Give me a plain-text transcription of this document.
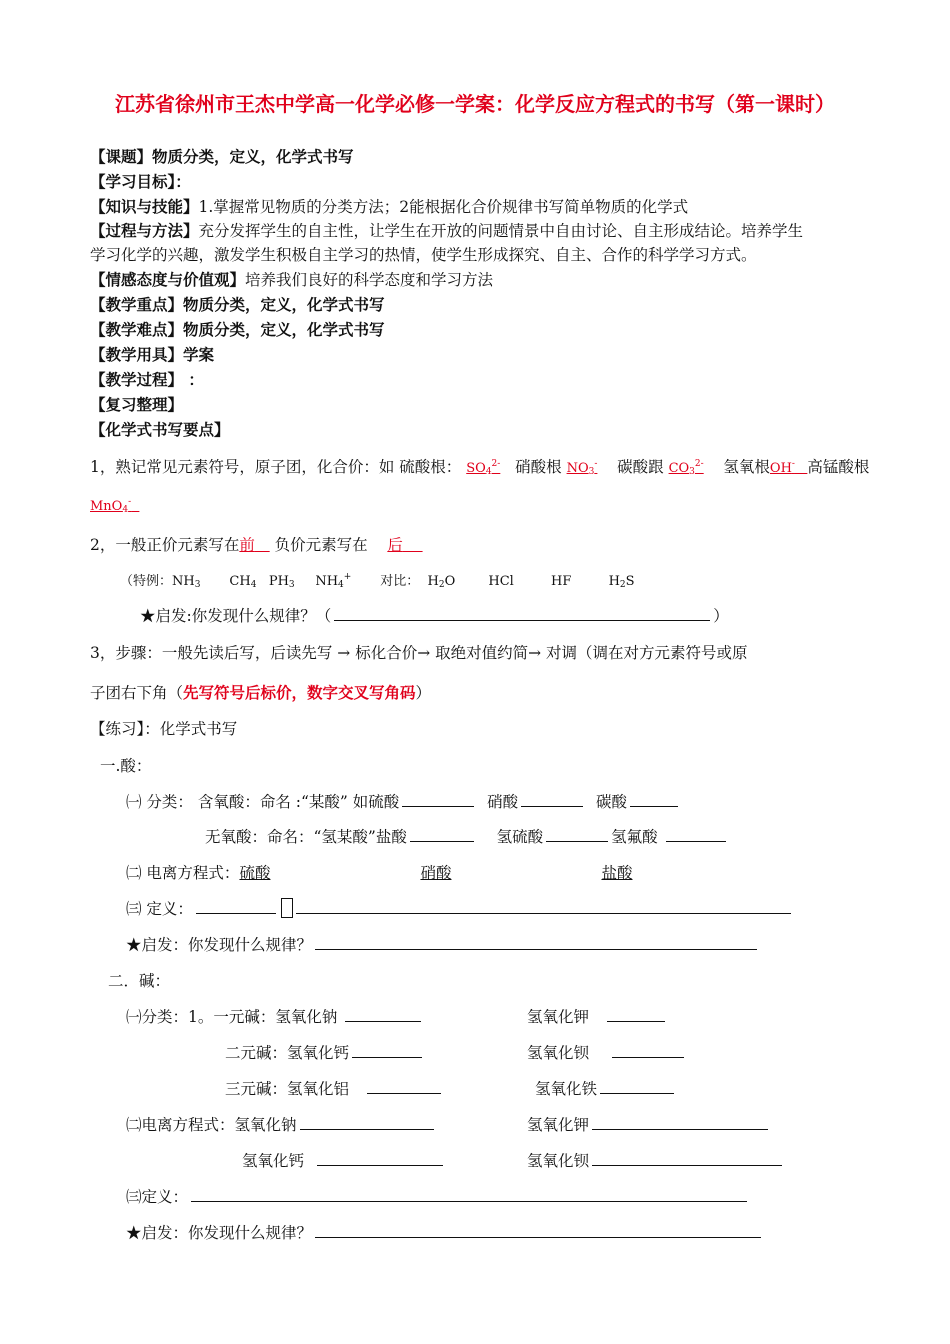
江苏省徐州市王杰中学高一化学必修一学案：化学反应方程式的书写（第一课时）
【课题】物质分类，定义，化学式书写
【学习目标】：
【知识与技能】1.掌握常见物质的分类方法；2能根据化合价规律书写简单物质的化学式
【过程与方法】充分发挥学生的自主性，让学生在开放的问题情景中自由讨论、自主形成结论。培养学生
学习化学的兴趣，激发学生积极自主学习的热情，使学生形成探究、自主、合作的科学学习方式。
【情感态度与价值观】培养我们良好的科学态度和学习方法
【教学重点】物质分类，定义，化学式书写
【教学难点】物质分类，定义，化学式书写
【教学用具】学案
【教学过程】 ：
【复习整理】
【化学式书写要点】
1，熟记常见元素符号，原子团，化合价：如 硫酸根： $SO_4^{2-}$ 硝酸根 $NO_3^-$ 碳酸跟 $CO_3^{2-}$ 氢氧根OH- 高锰酸根
MnO$_4$-
2，一般正价元素写在前 负价元素写在 后
（特例：$NH_3$ $CH_4$ $PH_3$ $NH_4^+$ 对比： $H_2O$	HCl	HF	$H_2S$
★启发:你发现什么规律？（	）
3，步骤：一般先读后写，后读先写 → 标化合价→ 取绝对值约简→ 对调（调在对方元素符号或原
子团右下角（先写符号后标价，数字交叉写角码）
【练习】：化学式书写
一.酸：
㈠ 分类： 含氧酸：命名 :“某酸” 如硫酸	硝酸	碳酸
无氧酸：命名：“氢某酸”盐酸	氢硫酸	氢氟酸
㈡ 电离方程式：硫酸	硝酸	盐酸
㈢ 定义：
★启发：你发现什么规律？
二．碱：
㈠分类：1。一元碱：氢氧化钠	氢氧化钾
二元碱：氢氧化钙	氢氧化钡
三元碱：氢氧化铝	氢氧化铁
㈡电离方程式：氢氧化钠	氢氧化钾
氢氧化钙	氢氧化钡
㈢定义：
★启发：你发现什么规律？
